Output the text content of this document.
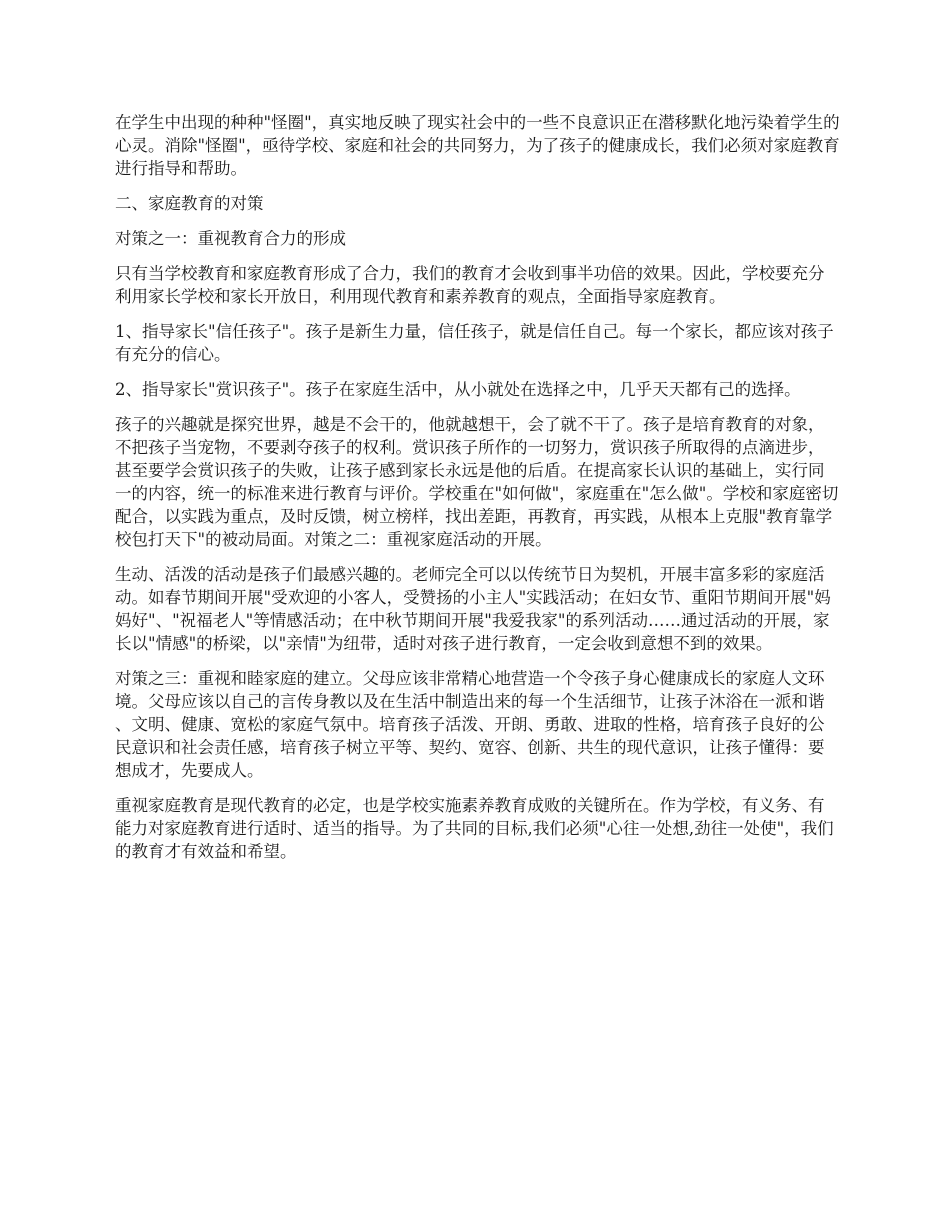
在学生中出现的种种"怪圈"，真实地反映了现实社会中的一些不良意识正在潜移默化地污染着学生的心灵。消除"怪圈"，亟待学校、家庭和社会的共同努力，为了孩子的健康成长，我们必须对家庭教育进行指导和帮助。

二、家庭教育的对策

对策之一：重视教育合力的形成

只有当学校教育和家庭教育形成了合力，我们的教育才会收到事半功倍的效果。因此，学校要充分利用家长学校和家长开放日，利用现代教育和素养教育的观点，全面指导家庭教育。

1、指导家长"信任孩子"。孩子是新生力量，信任孩子，就是信任自己。每一个家长，都应该对孩子有充分的信心。

2、指导家长"赏识孩子"。孩子在家庭生活中，从小就处在选择之中，几乎天天都有己的选择。

孩子的兴趣就是探究世界，越是不会干的，他就越想干，会了就不干了。孩子是培育教育的对象，不把孩子当宠物，不要剥夺孩子的权利。赏识孩子所作的一切努力，赏识孩子所取得的点滴进步，甚至要学会赏识孩子的失败，让孩子感到家长永远是他的后盾。在提高家长认识的基础上，实行同一的内容，统一的标准来进行教育与评价。学校重在"如何做"，家庭重在"怎么做"。学校和家庭密切配合，以实践为重点，及时反馈，树立榜样，找出差距，再教育，再实践，从根本上克服"教育靠学校包打天下"的被动局面。对策之二：重视家庭活动的开展。

生动、活泼的活动是孩子们最感兴趣的。老师完全可以以传统节日为契机，开展丰富多彩的家庭活动。如春节期间开展"受欢迎的小客人，受赞扬的小主人"实践活动；在妇女节、重阳节期间开展"妈妈好"、"祝福老人"等情感活动；在中秋节期间开展"我爱我家"的系列活动……通过活动的开展，家长以"情感"的桥梁，以"亲情"为纽带，适时对孩子进行教育，一定会收到意想不到的效果。

对策之三：重视和睦家庭的建立。父母应该非常精心地营造一个令孩子身心健康成长的家庭人文环境。父母应该以自己的言传身教以及在生活中制造出来的每一个生活细节，让孩子沐浴在一派和谐、文明、健康、宽松的家庭气氛中。培育孩子活泼、开朗、勇敢、进取的性格，培育孩子良好的公民意识和社会责任感，培育孩子树立平等、契约、宽容、创新、共生的现代意识，让孩子懂得：要想成才，先要成人。

重视家庭教育是现代教育的必定，也是学校实施素养教育成败的关键所在。作为学校，有义务、有能力对家庭教育进行适时、适当的指导。为了共同的目标,我们必须"心往一处想,劲往一处使"，我们的教育才有效益和希望。
